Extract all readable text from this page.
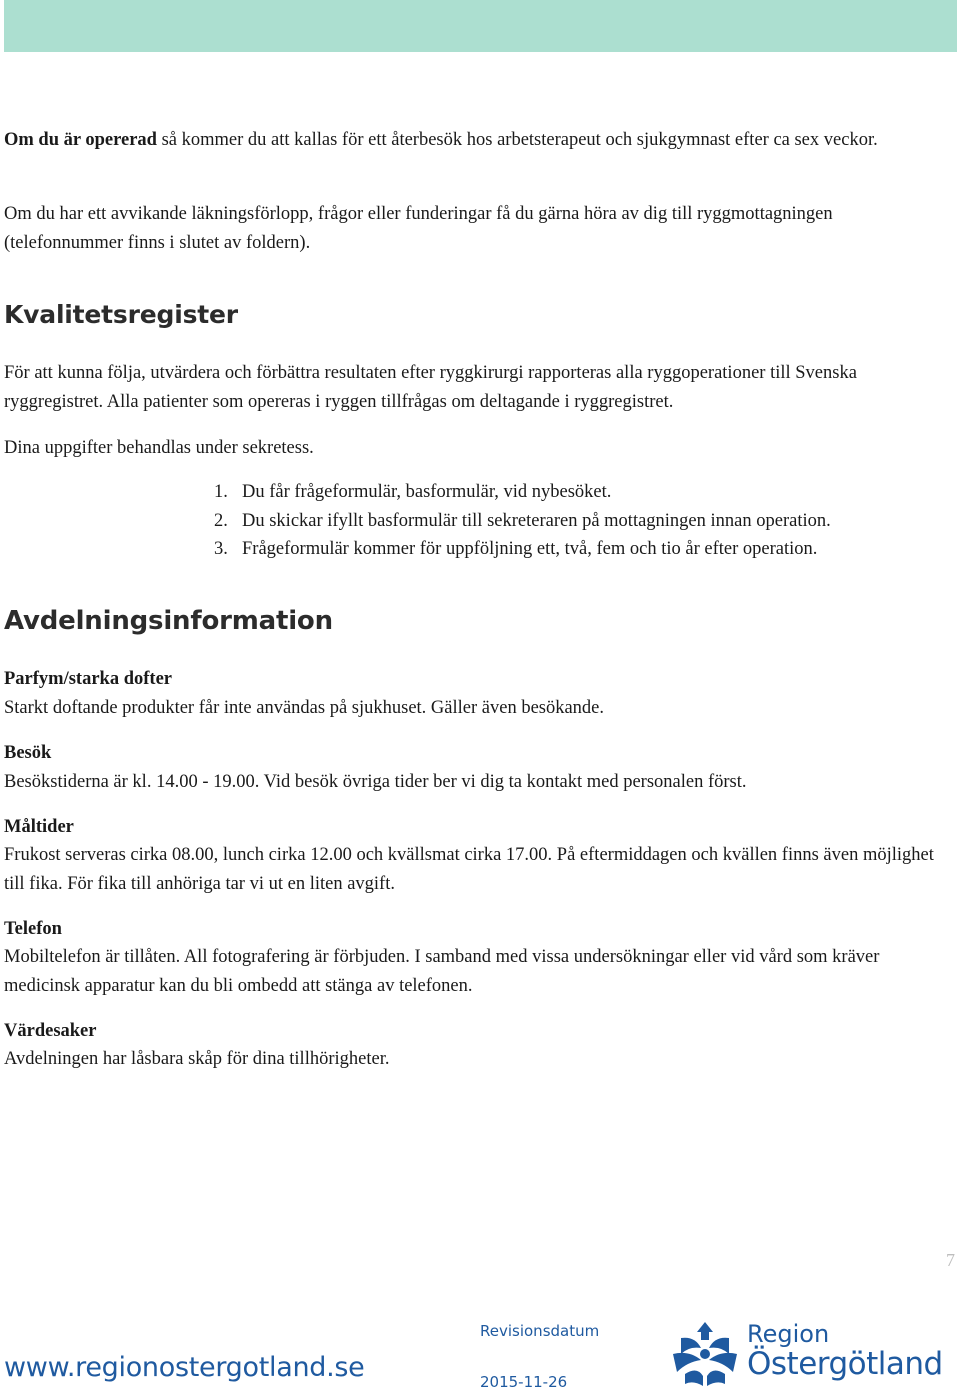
Om du är opererad så kommer du att kallas för ett återbesök hos arbetsterapeut och sjukgymnast efter ca sex veckor.

Om du har ett avvikande läkningsförlopp, frågor eller funderingar få du gärna höra av dig till ryggmottagningen (telefonnummer finns i slutet av foldern).

Kvalitetsregister

För att kunna följa, utvärdera och förbättra resultaten efter ryggkirurgi rapporteras alla ryggoperationer till Svenska ryggregistret. Alla patienter som opereras i ryggen tillfrågas om deltagande i ryggregistret.

Dina uppgifter behandlas under sekretess.

1. Du får frågeformulär, basformulär, vid nybesöket.
2. Du skickar ifyllt basformulär till sekreteraren på mottagningen innan operation.
3. Frågeformulär kommer för uppföljning ett, två, fem och tio år efter operation.
Avdelningsinformation
Parfym/starka dofter

Starkt doftande produkter får inte användas på sjukhuset. Gäller även besökande.

Besök

Besökstiderna är kl. 14.00 - 19.00. Vid besök övriga tider ber vi dig ta kontakt med personalen först.

Måltider

Frukost serveras cirka 08.00, lunch cirka 12.00 och kvällsmat cirka 17.00. På eftermiddagen och kvällen finns även möjlighet till fika. För fika till anhöriga tar vi ut en liten avgift.

Telefon

Mobiltelefon är tillåten. All fotografering är förbjuden. I samband med vissa undersökningar eller vid vård som kräver medicinsk apparatur kan du bli ombedd att stänga av telefonen.

Värdesaker

Avdelningen har låsbara skåp för dina tillhörigheter.

7
www.regionostergotland.se
Revisionsdatum
2015-11-26
Region
Östergötland
